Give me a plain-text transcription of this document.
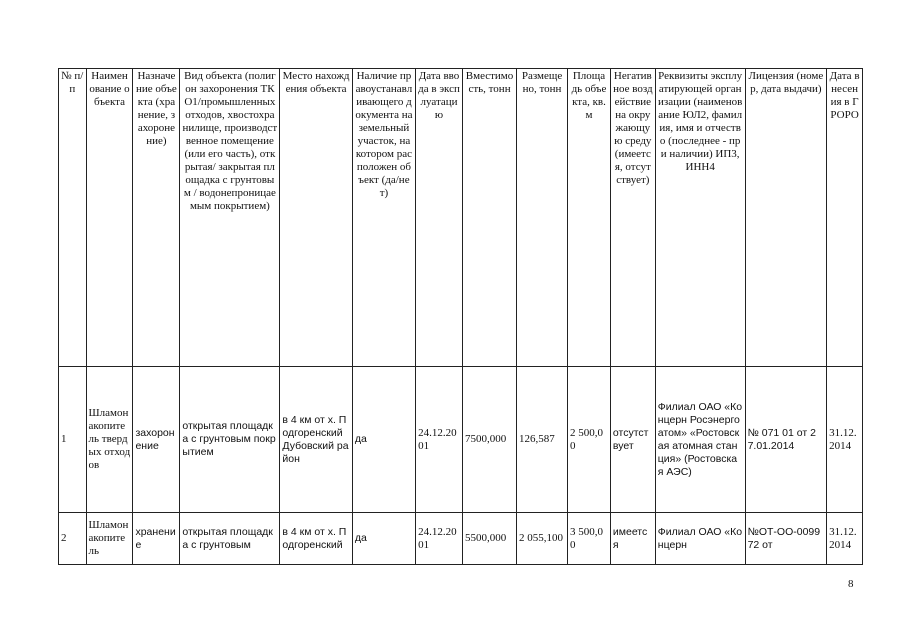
№ п/п	Наименование объекта	Назначение объекта (хранение, захоронение)	Вид объекта (полигон захоронения ТКО1/промышленных отходов, хвостохранилище, производственное помещение (или его часть), открытая/ закрытая площадка с грунтовым / водонепроницаемым покрытием)	Место нахождения объекта	Наличие правоустанавливающего документа на земельный участок, на котором расположен объект (да/нет)	Дата ввода в эксплуатацию	Вместимость, тонн	Размещено, тонн	Площадь объекта, кв. м	Негативное воздействие на окружающую среду (имеется, отсутствует)	Реквизиты эксплуатирующей организации (наименование ЮЛ2, фамилия, имя и отчество (последнее - при наличии) ИП3, ИНН4	Лицензия (номер, дата выдачи)	Дата внесения в ГРОРО
1	Шламонакопитель твердых отходов	захоронение	открытая площадка с грунтовым покрытием	в 4 км от х. Подгоренский Дубовский район	да	24.12.2001	7500,000	126,587	2 500,00	отсутствует	Филиал ОАО «Концерн Росэнергоатом» «Ростовская атомная станция» (Ростовская АЭС)	№ 071 01 от 27.01.2014	31.12.2014
2	Шламонакопитель	хранение	открытая площадка с грунтовым	в 4 км от х. Подгоренский	да	24.12.2001	5500,000	2 055,100	3 500,00	имеется	Филиал ОАО «Концерн	№ОТ-ОО-009972 от	31.12.2014
8
